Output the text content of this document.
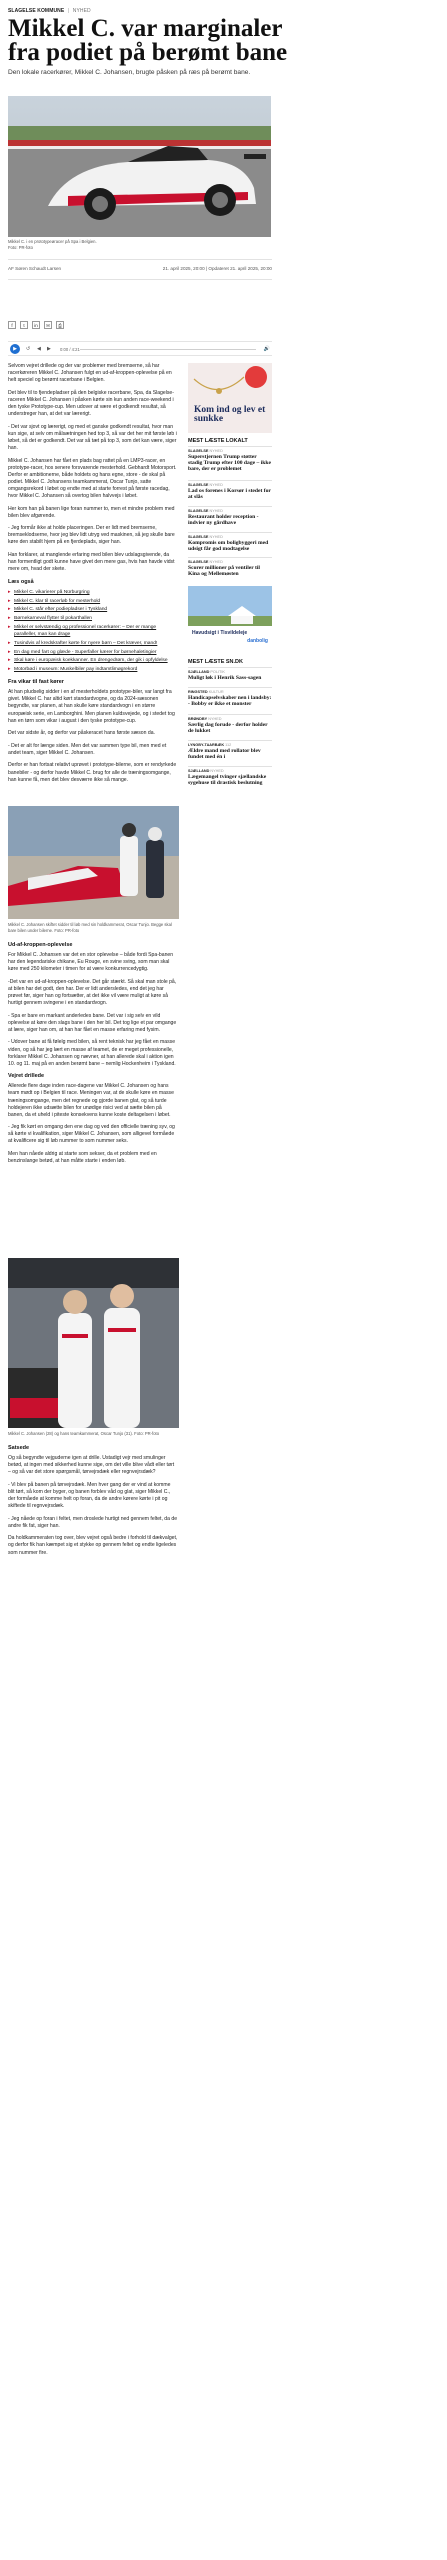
SLAGELSE KOMMUNE | NYHED
Mikkel C. var marginaler fra podiet på berømt bane

Den lokale racerkører, Mikkel C. Johansen, brugte påsken på ræs på berømt bane.

Mikkel C. i en prototypeøracer på Spa i Belgien.
Foto: PR-foto

AF Søren Schaudt Larsen	21. april 2025, 20:00 | Opdateret 21. april 2025, 20:00
f	t	in	✉	⎙
▶	↺ ◀ ▶ 0:00 / 4:21	🔊

Selvom vejret drillede og der var problemer med bremserne, så har racerkøreren Mikkel C. Johansen fulgt en ud-af-kroppen-oplevelse på en helt speciel og berømt racerbane i Belgien.

Det blev til to fjendepladser på den belgiske racerbane, Spa, da Slagelse-raceren Mikkel C. Johansen i påsken kørte sin kun anden race-weekend i den tyske Prototype-cup. Men udover at være et godkendt resultat, så understreger han, at det var lærerigt.

- Det var sjovt og lærerigt, og med et ganske godkendt resultat, hvor man kun sige, at selv om målsætningen hed top 3, så var det her mit første løb i løbet, så det er godkendt. Det var så tæt på top 3, som det kan være, siger han.

Mikkel C. Johansen har fået en plads bag rattet på en LMP3-racer, en prototype-racer, hos senere forsvarende mesterhold. Gebhardt Motorsport. Derfor er ambitionerne, både holdets og hans egne, store - de skal på podiet. Mikkel C. Johansens teamkammerat, Oscar Tunjo, satte omgangsrekord i løbet og endte med at starte forrest på første racedag, hvor Mikkel C. Johansen så overtog bilen halvvejs i løbet.

Her kom han på banen lige foran nummer to, men et mindre problem med bilen blev afgørende.

- Jeg formår ikke at holde placeringen. Der er lidt med bremserne, bremseklodserne, hvor jeg blev lidt utryg ved maskinen, så jeg skulle bare køre den stabilt hjem på en fjerdeplads, siger han.

Han forklarer, at manglende erfaring med bilen blev udslagsgivende, da han formentligt godt kunne have givet den mere gas, hvis han havde vidst mere om, hvad der skete.

Læs også
▸ Mikkel C. vikarierer på Nürburgring
▸ Mikkel C. klar til racerløb for mesterhold
▸ Mikkel C. står efter podiepladser i Tyskland
▸ Børnekarneval flytter til pokarthallen
▸ Mikkel er selvstændig og professionel racerkører: – Der er mange paralleller, man kan drage
▸ Tusindvis af kredskrafter kørte for nyere børn – Det kræver, mand!
▸ En dag med fart og glæde - Superfaller kærer for børnehaletingier
▸ Skal køre i europæisk koekkanner. En drengedrøm, der gik i opfyldelse
▸ Motorbød i museum: Muskelbiler pay indtamtlimøgrekord
Fra vikar til fast kører

At han pludselig sidder i en af mesterholdets prototype-biler, var langt fra givet. Mikkel C. har altid kørt standardvogne, og da 2024-sæsonen begyndte, var planen, at han skulle køre standardvogn i en større europæisk serie, en Lamborghini. Men planen kuldsvejede, og i stedet tog han en tørn som vikar i august i den tyske prototype-cup.

Det var sidste år, og derfor var påskeracet hans første sæson da.

- Det er alt for længe siden. Men det var sammen type bil, men med et andet team, siger Mikkel C. Johansen.

Derfor er han fortsat relativt uprøvet i prototype-bilerne, som er rendyrkede banebiler - og derfor havde Mikkel C. brug for alle de træningsomgange, han kunne få, men det blev desværre ikke så mange.

Mikkel C. Johansen skiftet sidder til løb med sin holdkammerat, Oscar Tunjo. Begge skal bare bilen under bilerne. Foto: PR-foto

Ud-af-kroppen-oplevelse

For Mikkel C. Johansen var det en stor oplevelse – både fordi Spa-banen har den legendariske chikane, Eu Rouge, en svine sving, som man skal køre med 250 kilometer i timen for at være konkurrencedygtig.

-Det var en ud-af-kroppen-oplevelse. Det går stærkt. Så skal man stole på, at bilen har det godt, den har. Der er lidt andersledes, end det jeg har prøvet før, siger han og fortsætter, at det ikke vil være muligt at køre så hurtigt gennem svingene i en standardvogn.

- Spa er bare en markant anderledes bane. Det var i sig selv en vild oplevelse at køre den slags bane i den her bil. Det tog lige et par omgange at lære, siger han om, at han har fået en masse erfaring med fysim.

- Udover bane at få følelg med bilen, så rent teknisk har jeg fået en masse viden, og så har jeg lært en masse af teamet, de er meget professionelle, forklarer Mikkel C. Johansen og nævner, at han allerede skal i aktion igen 10. og 11. maj på en anden berømt bane – nemlig Hockenheim i Tyskland.

Vejret drillede

Allerede flere dage inden race-dagene var Mikkel C. Johansen og hans team mødt op i Belgien til race. Meningen var, at de skulle køre en masse træningsomgange, men det regnede og gjorde banen glat, og så turde holdejeren ikke udsætte bilen for unødige risici ved at sætte bilen på banen, da et uheld i piteste konsekvens kunne koste deltagelsen i løbet.

- Jeg fik kørt en omgang den ene dag og ved den officielle træning syv, og så kørte vi kvalifikation, siger Mikkel C. Johansen, som alligevel formåede at kvalificere sig til løb nummer to som nummer seks.

Men han nåede aldrig at starte som sekser, da et problem med en benzinslange betød, at han måtte starte i enden løb.

Mikkel C. Johansen (28) og hans teamkammerat, Oscar Tunjo (31). Foto: PR-foto

Satsede

Og så begyndte vejguderne igen at drille. Ustadigt vejr med smulinger betød, at ingen med sikkerhed kunne sige, om det ville blive vådt eller tørt – og så var det store spørgsmål, tørvejrsdæk eller regnvejrsdæk?

- Vi blev på banen på tørvejrsdæk. Men hver gang der er vind at komme blit tørt, så kom der byger, og banen forblev våd og glat, siger Mikkel C., der formåede at komme helt op foran, da de andre kørere kørte i pit og skiftede til regnvejrsdæk.

- Jeg nåede op foran i feltet, men droslede hurtigt ned gennem feltet, da de andre fik fat, siger han.

Da holdkammeraten tog over, blev vejret også bedre i forhold til dækvalget, og derfor fik han kæmpet sig et stykke op gennem feltet og endte ligeledes som nummer fire.

Kom ind og lev et sunkke
MEST LÆSTE LOKALT
SLAGELSE NYHED
Superstjernen Trump støtter stadig Trump efter 100 dage – ikke bare, der er problemet
SLAGELSE NYHED
Lad os forenes i Korsør i stedet for at slås
SLAGELSE NYHED
Restaurant holder reception - indvier ny gårdhave
SLAGELSE NYHED
Kompromis om boligbyggeri med udsigt får god modtagelse
SLAGELSE NYHED
Scorer millioner på ventiler til Kina og Mellemøsten
Havudsigt i Tisvildeleje
danbolig
MEST LÆSTE SN.DK
SJÆLLAND POLITIK
Muligt løk i Henrik Sass-sagen
RINGSTED KULTUR
Handicapselvskaber nen i landsby: - Bobby er ikke et monster
BRØNDBY NYHED
Særlig dag forude - derfor holder de lukket
LYNGBY-TAARBÆK 112
Ældre mand med rollator blev fundet med én i
SJÆLLAND NYHED
Lægemangel tvinger sjællandske sygehuse til drastisk beslutning
